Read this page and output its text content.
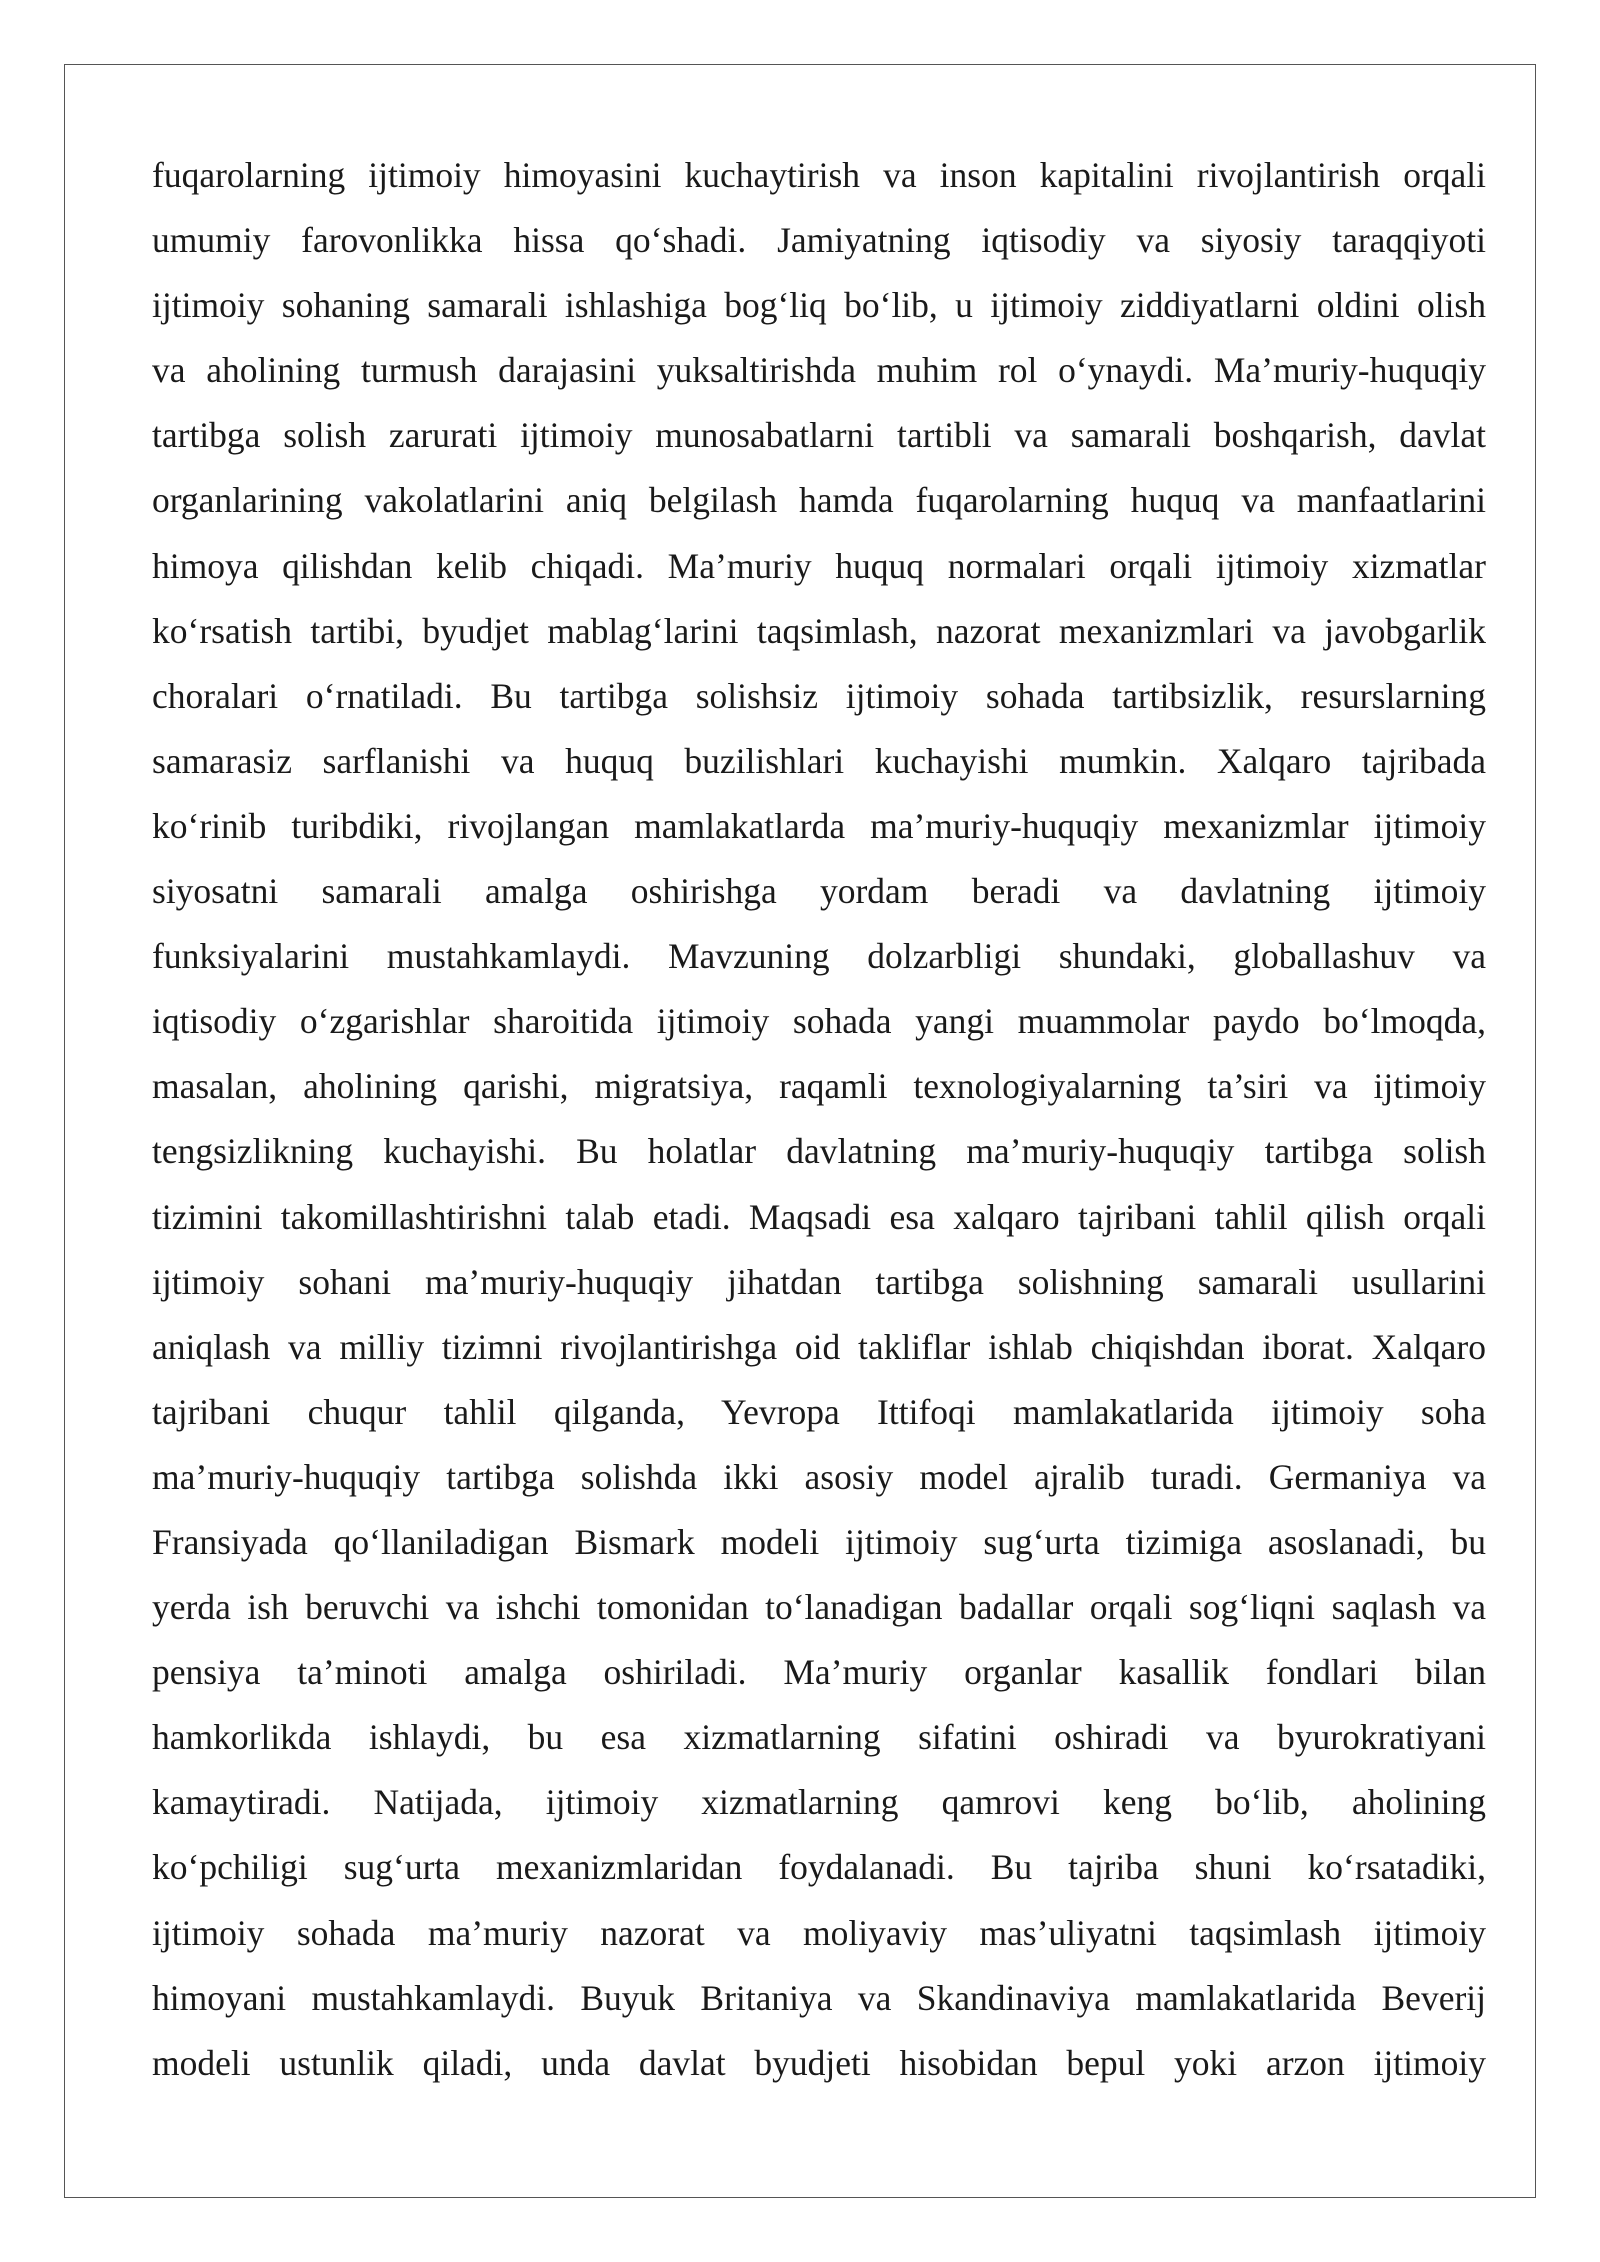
fuqarolarning ijtimoiy himoyasini kuchaytirish va inson kapitalini rivojlantirish orqali
umumiy farovonlikka hissa qo‘shadi. Jamiyatning iqtisodiy va siyosiy taraqqiyoti
ijtimoiy sohaning samarali ishlashiga bog‘liq bo‘lib, u ijtimoiy ziddiyatlarni oldini olish
va aholining turmush darajasini yuksaltirishda muhim rol o‘ynaydi. Ma’muriy-huquqiy
tartibga solish zarurati ijtimoiy munosabatlarni tartibli va samarali boshqarish, davlat
organlarining vakolatlarini aniq belgilash hamda fuqarolarning huquq va manfaatlarini
himoya qilishdan kelib chiqadi. Ma’muriy huquq normalari orqali ijtimoiy xizmatlar
ko‘rsatish tartibi, byudjet mablag‘larini taqsimlash, nazorat mexanizmlari va javobgarlik
choralari o‘rnatiladi. Bu tartibga solishsiz ijtimoiy sohada tartibsizlik, resurslarning
samarasiz sarflanishi va huquq buzilishlari kuchayishi mumkin. Xalqaro tajribada
ko‘rinib turibdiki, rivojlangan mamlakatlarda ma’muriy-huquqiy mexanizmlar ijtimoiy
siyosatni samarali amalga oshirishga yordam beradi va davlatning ijtimoiy
funksiyalarini mustahkamlaydi. Mavzuning dolzarbligi shundaki, globallashuv va
iqtisodiy o‘zgarishlar sharoitida ijtimoiy sohada yangi muammolar paydo bo‘lmoqda,
masalan, aholining qarishi, migratsiya, raqamli texnologiyalarning ta’siri va ijtimoiy
tengsizlikning kuchayishi. Bu holatlar davlatning ma’muriy-huquqiy tartibga solish
tizimini takomillashtirishni talab etadi. Maqsadi esa xalqaro tajribani tahlil qilish orqali
ijtimoiy sohani ma’muriy-huquqiy jihatdan tartibga solishning samarali usullarini
aniqlash va milliy tizimni rivojlantirishga oid takliflar ishlab chiqishdan iborat. Xalqaro
tajribani chuqur tahlil qilganda, Yevropa Ittifoqi mamlakatlarida ijtimoiy soha
ma’muriy-huquqiy tartibga solishda ikki asosiy model ajralib turadi. Germaniya va
Fransiyada qo‘llaniladigan Bismark modeli ijtimoiy sug‘urta tizimiga asoslanadi, bu
yerda ish beruvchi va ishchi tomonidan to‘lanadigan badallar orqali sog‘liqni saqlash va
pensiya ta’minoti amalga oshiriladi. Ma’muriy organlar kasallik fondlari bilan
hamkorlikda ishlaydi, bu esa xizmatlarning sifatini oshiradi va byurokratiyani
kamaytiradi. Natijada, ijtimoiy xizmatlarning qamrovi keng bo‘lib, aholining
ko‘pchiligi sug‘urta mexanizmlaridan foydalanadi. Bu tajriba shuni ko‘rsatadiki,
ijtimoiy sohada ma’muriy nazorat va moliyaviy mas’uliyatni taqsimlash ijtimoiy
himoyani mustahkamlaydi. Buyuk Britaniya va Skandinaviya mamlakatlarida Beverij
modeli ustunlik qiladi, unda davlat byudjeti hisobidan bepul yoki arzon ijtimoiy
